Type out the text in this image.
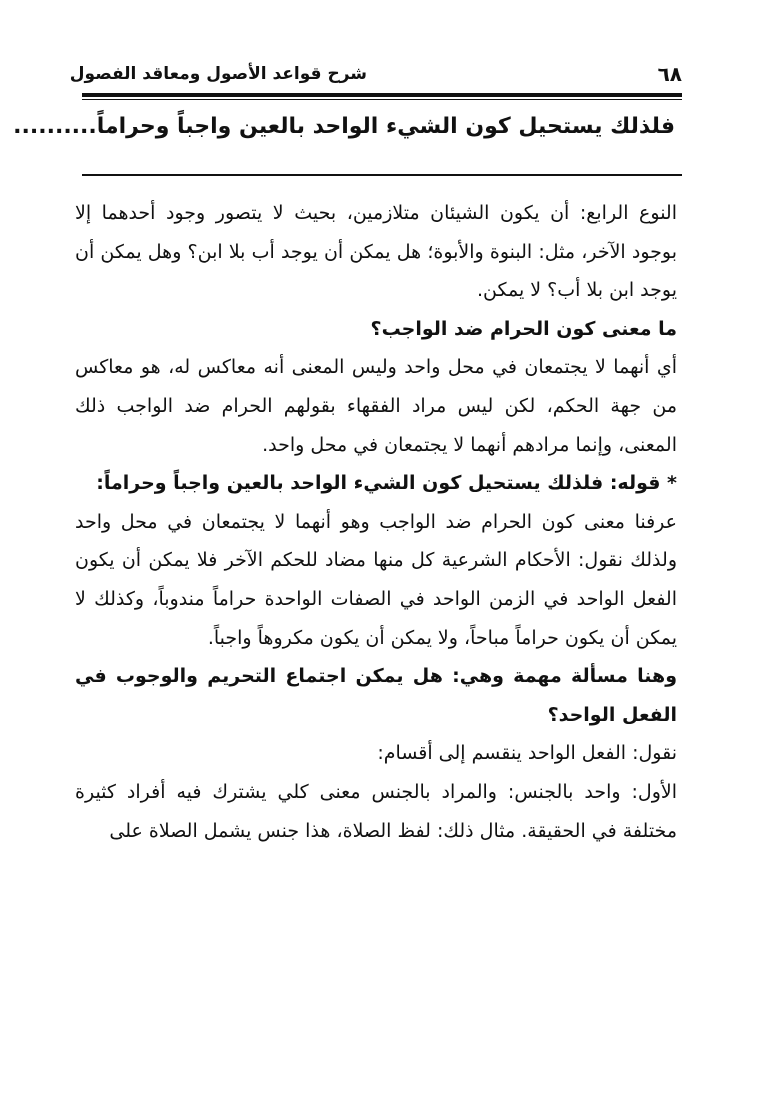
٦٨
شرح قواعد الأصول ومعاقد الفصول
فلذلك يستحيل كون الشيء الواحد بالعين واجباً وحراماً..........

النوع الرابع: أن يكون الشيئان متلازمين، بحيث لا يتصور وجود أحدهما إلا بوجود الآخر، مثل: البنوة والأبوة؛ هل يمكن أن يوجد أب بلا ابن؟ وهل يمكن أن يوجد ابن بلا أب؟ لا يمكن.

ما معنى كون الحرام ضد الواجب؟

أي أنهما لا يجتمعان في محل واحد وليس المعنى أنه معاكس له، هو معاكس من جهة الحكم، لكن ليس مراد الفقهاء بقولهم الحرام ضد الواجب ذلك المعنى، وإنما مرادهم أنهما لا يجتمعان في محل واحد.

* قوله: فلذلك يستحيل كون الشيء الواحد بالعين واجباً وحراماً:

عرفنا معنى كون الحرام ضد الواجب وهو أنهما لا يجتمعان في محل واحد ولذلك نقول: الأحكام الشرعية كل منها مضاد للحكم الآخر فلا يمكن أن يكون الفعل الواحد في الزمن الواحد في الصفات الواحدة حراماً مندوباً، وكذلك لا يمكن أن يكون حراماً مباحاً، ولا يمكن أن يكون مكروهاً واجباً.

وهنا مسألة مهمة وهي: هل يمكن اجتماع التحريم والوجوب في الفعل الواحد؟

نقول: الفعل الواحد ينقسم إلى أقسام:

الأول: واحد بالجنس: والمراد بالجنس معنى كلي يشترك فيه أفراد كثيرة مختلفة في الحقيقة. مثال ذلك: لفظ الصلاة، هذا جنس يشمل الصلاة على
